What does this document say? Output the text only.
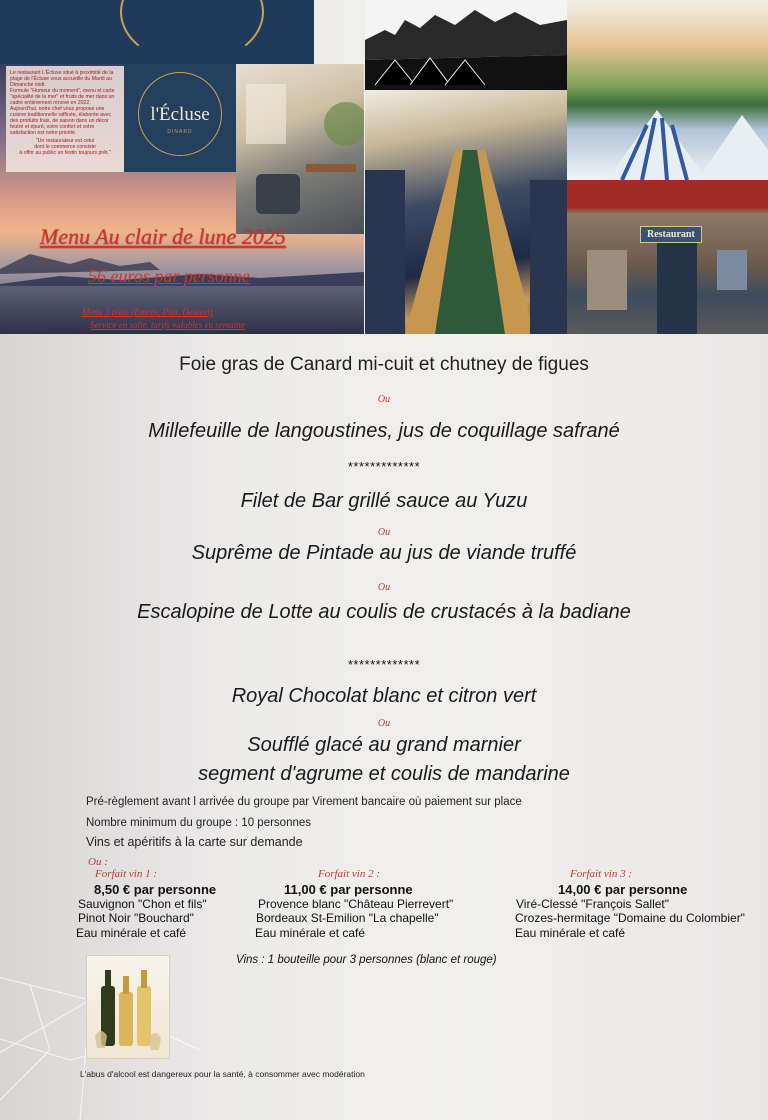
Le restaurant L'Écluse situé à proximité de la plage de l'Écluse vous accueille du Mardi au Dimanche midi.
Formule "Humeur du moment", menu et carte "spécialité de la mer" et fruits de mer dans un cadre entièrement rénové en 2022.
Aujourd'hui, notre chef vous propose une cuisine traditionnelle raffinée, élaborée avec des produits frais, de saison dans un décor feutré et épuré, votre confort et votre satisfaction est notre priorité.
"Un restaurateur est celui
dont le commerce consiste
à offrir au public un festin toujours prêt."
l'Écluse
DINARD
Menu Au clair de lune 2025
56 euros par personne
Menu 3 plats (Entrée, Plat, Dessert)
Service en salle, tarifs valables en semaine
DINARD
Restaurant
Foie gras de Canard mi-cuit et chutney de figues
Ou
Millefeuille de langoustines, jus de coquillage safrané
*************
Filet de Bar grillé sauce au Yuzu
Ou
Suprême de Pintade au jus de viande truffé
Ou
Escalopine de Lotte au coulis de crustacés à la badiane
*************
Royal Chocolat blanc et citron vert
Ou
Soufflé glacé au grand marnier
segment d'agrume et coulis de mandarine
Pré-règlement avant l arrivée du groupe par Virement bancaire où paiement sur place
Nombre minimum du groupe : 10 personnes
Vins et apéritifs à la carte sur demande
Ou :
Forfait vin 1 :
8,50 € par personne
Sauvignon "Chon et fils"
Pinot Noir "Bouchard"
Eau minérale et café
Forfait vin 2 :
11,00 € par personne
Provence blanc "Château Pierrevert"
Bordeaux St-Emilion "La chapelle"
Eau minérale et café
Forfait vin 3 :
14,00 € par personne
Viré-Clessé "François Sallet"
Crozes-hermitage "Domaine du Colombier"
Eau minérale et café
Vins : 1 bouteille pour 3 personnes (blanc et rouge)
L'abus d'alcool est dangereux pour la santé, à consommer avec modération
